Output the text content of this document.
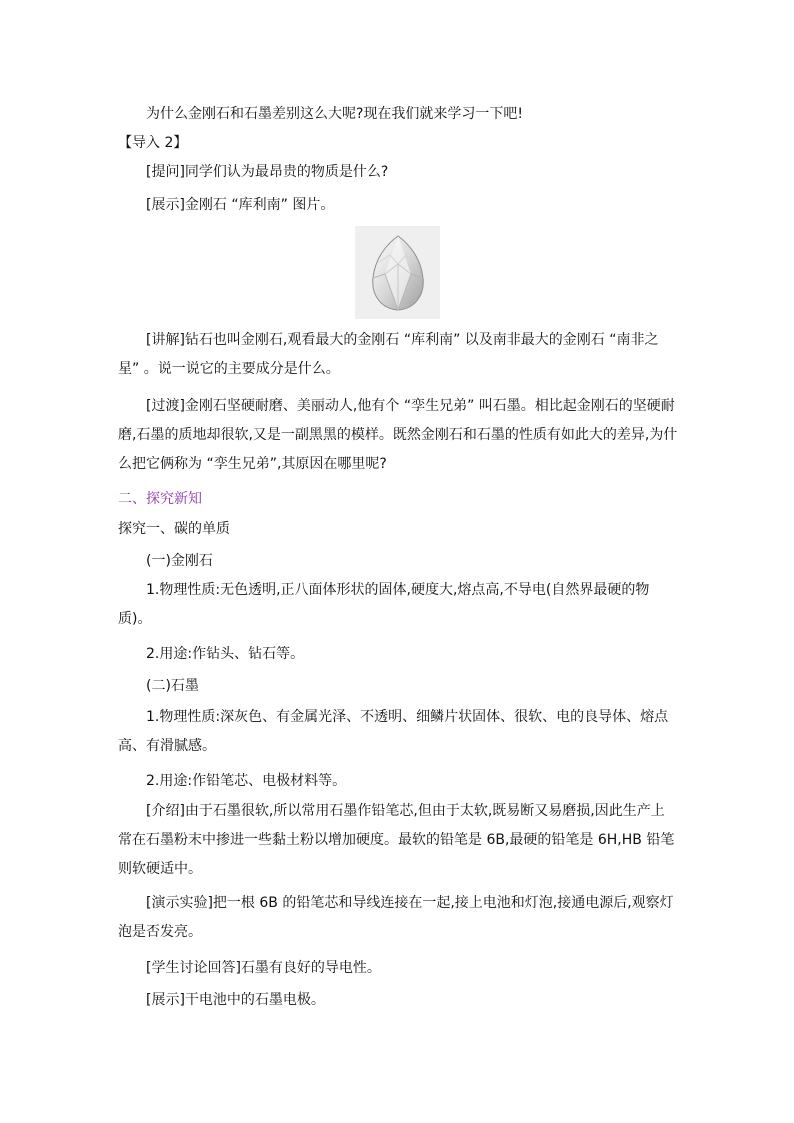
为什么金刚石和石墨差别这么大呢?现在我们就来学习一下吧!
【导入 2】
[提问]同学们认为最昂贵的物质是什么?
[展示]金刚石 “库利南” 图片。
[讲解]钻石也叫金刚石,观看最大的金刚石 “库利南” 以及南非最大的金刚石 “南非之星” 。说一说它的主要成分是什么。
[过渡]金刚石坚硬耐磨、美丽动人,他有个 “孪生兄弟” 叫石墨。相比起金刚石的坚硬耐磨,石墨的质地却很软,又是一副黑黑的模样。既然金刚石和石墨的性质有如此大的差异,为什么把它俩称为 “孪生兄弟”,其原因在哪里呢?
二、探究新知
探究一、碳的单质
(一)金刚石
1.物理性质:无色透明,正八面体形状的固体,硬度大,熔点高,不导电(自然界最硬的物质)。
2.用途:作钻头、钻石等。
(二)石墨
1.物理性质:深灰色、有金属光泽、不透明、细鳞片状固体、很软、电的良导体、熔点高、有滑腻感。
2.用途:作铅笔芯、电极材料等。
[介绍]由于石墨很软,所以常用石墨作铅笔芯,但由于太软,既易断又易磨损,因此生产上常在石墨粉末中掺进一些黏土粉以增加硬度。最软的铅笔是 6B,最硬的铅笔是 6H,HB 铅笔则软硬适中。
[演示实验]把一根 6B 的铅笔芯和导线连接在一起,接上电池和灯泡,接通电源后,观察灯泡是否发亮。
[学生讨论回答]石墨有良好的导电性。
[展示]干电池中的石墨电极。
